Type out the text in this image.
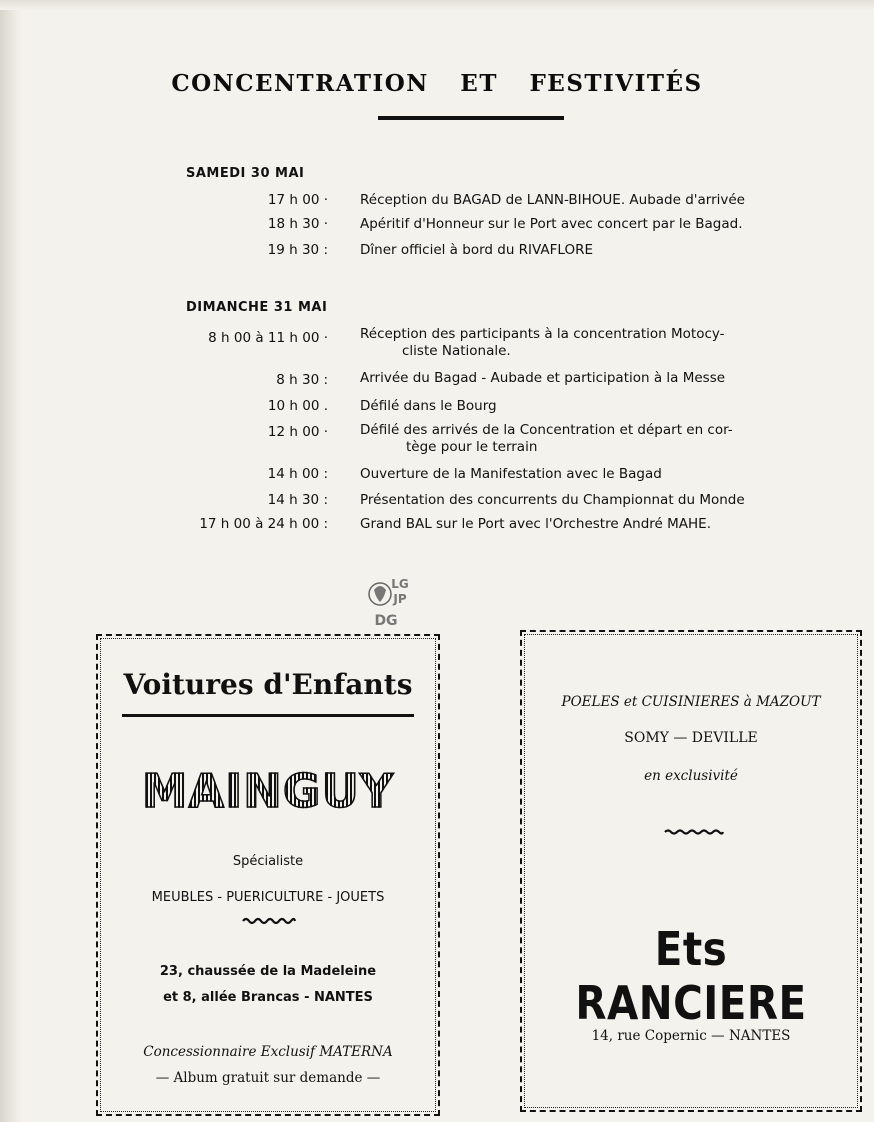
CONCENTRATION ET FESTIVITÉS
SAMEDI 30 MAI
17 h 00 · Réception du BAGAD de LANN-BIHOUE. Aubade d'arrivée
18 h 30 · Apéritif d'Honneur sur le Port avec concert par le Bagad.
19 h 30 : Dîner officiel à bord du RIVAFLORE
DIMANCHE 31 MAI
8 h 00 à 11 h 00 · Réception des participants à la concentration Motocy-
cliste Nationale.
8 h 30 : Arrivée du Bagad - Aubade et participation à la Messe
10 h 00 . Défilé dans le Bourg
12 h 00 · Défilé des arrivés de la Concentration et départ en cor-
tège pour le terrain
14 h 00 : Ouverture de la Manifestation avec le Bagad
14 h 30 : Présentation des concurrents du Championnat du Monde
17 h 00 à 24 h 00 : Grand BAL sur le Port avec l'Orchestre André MAHE.
LG
JP
DG
Voitures d'Enfants
MAINGUY
Spécialiste
MEUBLES - PUERICULTURE - JOUETS
23, chaussée de la Madeleine
et 8, allée Brancas - NANTES
Concessionnaire Exclusif MATERNA
— Album gratuit sur demande —
POELES et CUISINIERES à MAZOUT
SOMY — DEVILLE
en exclusivité
Ets RANCIERE
14, rue Copernic — NANTES
